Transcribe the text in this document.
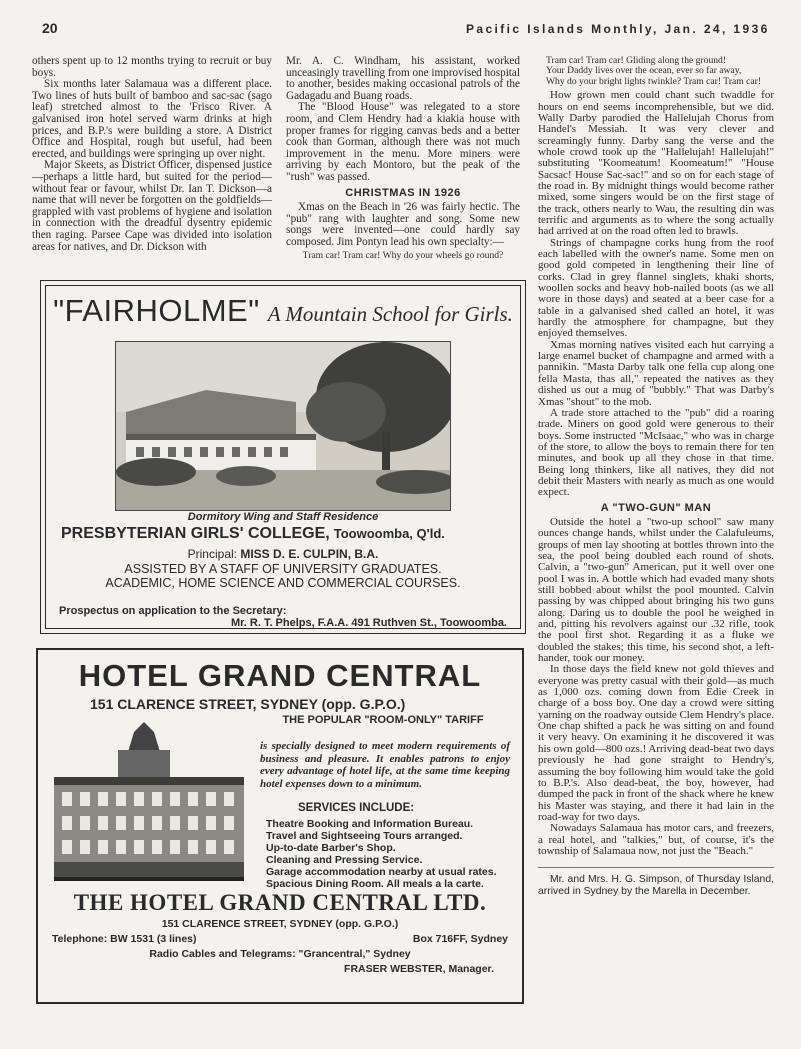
20	Pacific Islands Monthly, Jan. 24, 1936

others spent up to 12 months trying to recruit or buy boys.

Six months later Salamaua was a different place. Two lines of huts built of bamboo and sac-sac (sago leaf) stretched almost to the 'Frisco River. A galvanised iron hotel served warm drinks at high prices, and B.P.'s were building a store. A District Office and Hospital, rough but useful, had been erected, and buildings were springing up over night.

Major Skeets, as District Officer, dispensed justice—perhaps a little hard, but suited for the period—without fear or favour, whilst Dr. Ian T. Dickson—a name that will never be forgotten on the goldfields—grappled with vast problems of hygiene and isolation in connection with the dreadful dysentry epidemic then raging. Parsee Cape was divided into isolation areas for natives, and Dr. Dickson with

Mr. A. C. Windham, his assistant, worked unceasingly travelling from one improvised hospital to another, besides making occasional patrols of the Gadagadu and Buang roads.

The "Blood House" was relegated to a store room, and Clem Hendry had a kiakia house with proper frames for rigging canvas beds and a better cook than Gorman, although there was not much improvement in the menu. More miners were arriving by each Montoro, but the peak of the "rush" was passed.

CHRISTMAS IN 1926

Xmas on the Beach in '26 was fairly hectic. The "pub" rang with laughter and song. Some new songs were invented—one could hardly say composed. Jim Pontyn lead his own specialty:—

Tram car! Tram car! Why do your wheels go round?
Tram car! Tram car! Gliding along the ground!
Your Daddy lives over the ocean, ever so far away,
Why do your bright lights twinkle? Tram car! Tram car!

How grown men could chant such twaddle for hours on end seems incomprehensible, but we did. Wally Darby parodied the Hallelujah Chorus from Handel's Messiah. It was very clever and screamingly funny. Darby sang the verse and the whole crowd took up the "Hallelujah! Hallelujah!" substituting "Koomeatum! Koomeatum!" "House Sacsac! House Sac-sac!" and so on for each stage of the road in. By midnight things would become rather mixed, some singers would be on the first stage of the track, others nearly to Wau, the resulting din was terrific and arguments as to where the song actually had arrived at on the road often led to brawls.

Strings of champagne corks hung from the roof each labelled with the owner's name. Some men on good gold competed in lengthening their line of corks. Clad in grey flannel singlets, khaki shorts, woollen socks and heavy hob-nailed boots (as we all wore in those days) and seated at a beer case for a table in a galvanised shed called an hotel, it was hardly the atmosphere for champagne, but they enjoyed themselves.

Xmas morning natives visited each hut carrying a large enamel bucket of champagne and armed with a pannikin. "Masta Darby talk one fella cup along one fella Masta, thas all," repeated the natives as they dished us out a mug of "bubbly." That was Darby's Xmas "shout" to the mob.

A trade store attached to the "pub" did a roaring trade. Miners on good gold were generous to their boys. Some instructed "McIsaac," who was in charge of the store, to allow the boys to remain there for ten minutes, and book up all they chose in that time. Being long thinkers, like all natives, they did not debit their Masters with nearly as much as one would expect.

A "TWO-GUN" MAN

Outside the hotel a "two-up school" saw many ounces change hands, whilst under the Calafuleums, groups of men lay shooting at bottles thrown into the sea, the pool being doubled each round of shots. Calvin, a "two-gun" American, put it well over one pool I was in. A bottle which had evaded many shots still bobbed about whilst the pool mounted. Calvin passing by was chipped about bringing his two guns along. Daring us to double the pool he weighed in and, pitting his revolvers against our .32 rifle, took the pool first shot. Regarding it as a fluke we doubled the stakes; this time, his second shot, a left-hander, took our money.

In those days the field knew not gold thieves and everyone was pretty casual with their gold—as much as 1,000 ozs. coming down from Edie Creek in charge of a boss boy. One day a crowd were sitting yarning on the roadway outside Clem Hendry's place. One chap shifted a pack he was sitting on and found it very heavy. On examining it he discovered it was his own gold—800 ozs.! Arriving dead-beat two days previously he had gone straight to Hendry's, assuming the boy following him would take the gold to B.P.'s. Also dead-beat, the boy, however, had dumped the pack in front of the shack where he knew his Master was staying, and there it had lain in the road-way for two days.

Nowadays Salamaua has motor cars, and freezers, a real hotel, and "talkies," but, of course, it's the township of Salamaua now, not just the "Beach."

Mr. and Mrs. H. G. Simpson, of Thursday Island, arrived in Sydney by the Marella in December.

"FAIRHOLME" A Mountain School for Girls.
Dormitory Wing and Staff Residence
PRESBYTERIAN GIRLS' COLLEGE, Toowoomba, Q'ld.
Principal: MISS D. E. CULPIN, B.A.
ASSISTED BY A STAFF OF UNIVERSITY GRADUATES.
ACADEMIC, HOME SCIENCE AND COMMERCIAL COURSES.
Prospectus on application to the Secretary:
Mr. R. T. Phelps, F.A.A. 491 Ruthven St., Toowoomba.
HOTEL GRAND CENTRAL
151 CLARENCE STREET, SYDNEY (opp. G.P.O.)
THE POPULAR "ROOM-ONLY" TARIFF
is specially designed to meet modern requirements of business and pleasure. It enables patrons to enjoy every advantage of hotel life, at the same time keeping hotel expenses down to a minimum.
SERVICES INCLUDE:
Theatre Booking and Information Bureau.
Travel and Sightseeing Tours arranged.
Up-to-date Barber's Shop.
Cleaning and Pressing Service.
Garage accommodation nearby at usual rates.
Spacious Dining Room. All meals a la carte.
THE HOTEL GRAND CENTRAL LTD.
151 CLARENCE STREET, SYDNEY (opp. G.P.O.)
Telephone: BW 1531 (3 lines)	Box 716FF, Sydney
Radio Cables and Telegrams: "Grancentral," Sydney
FRASER WEBSTER, Manager.
